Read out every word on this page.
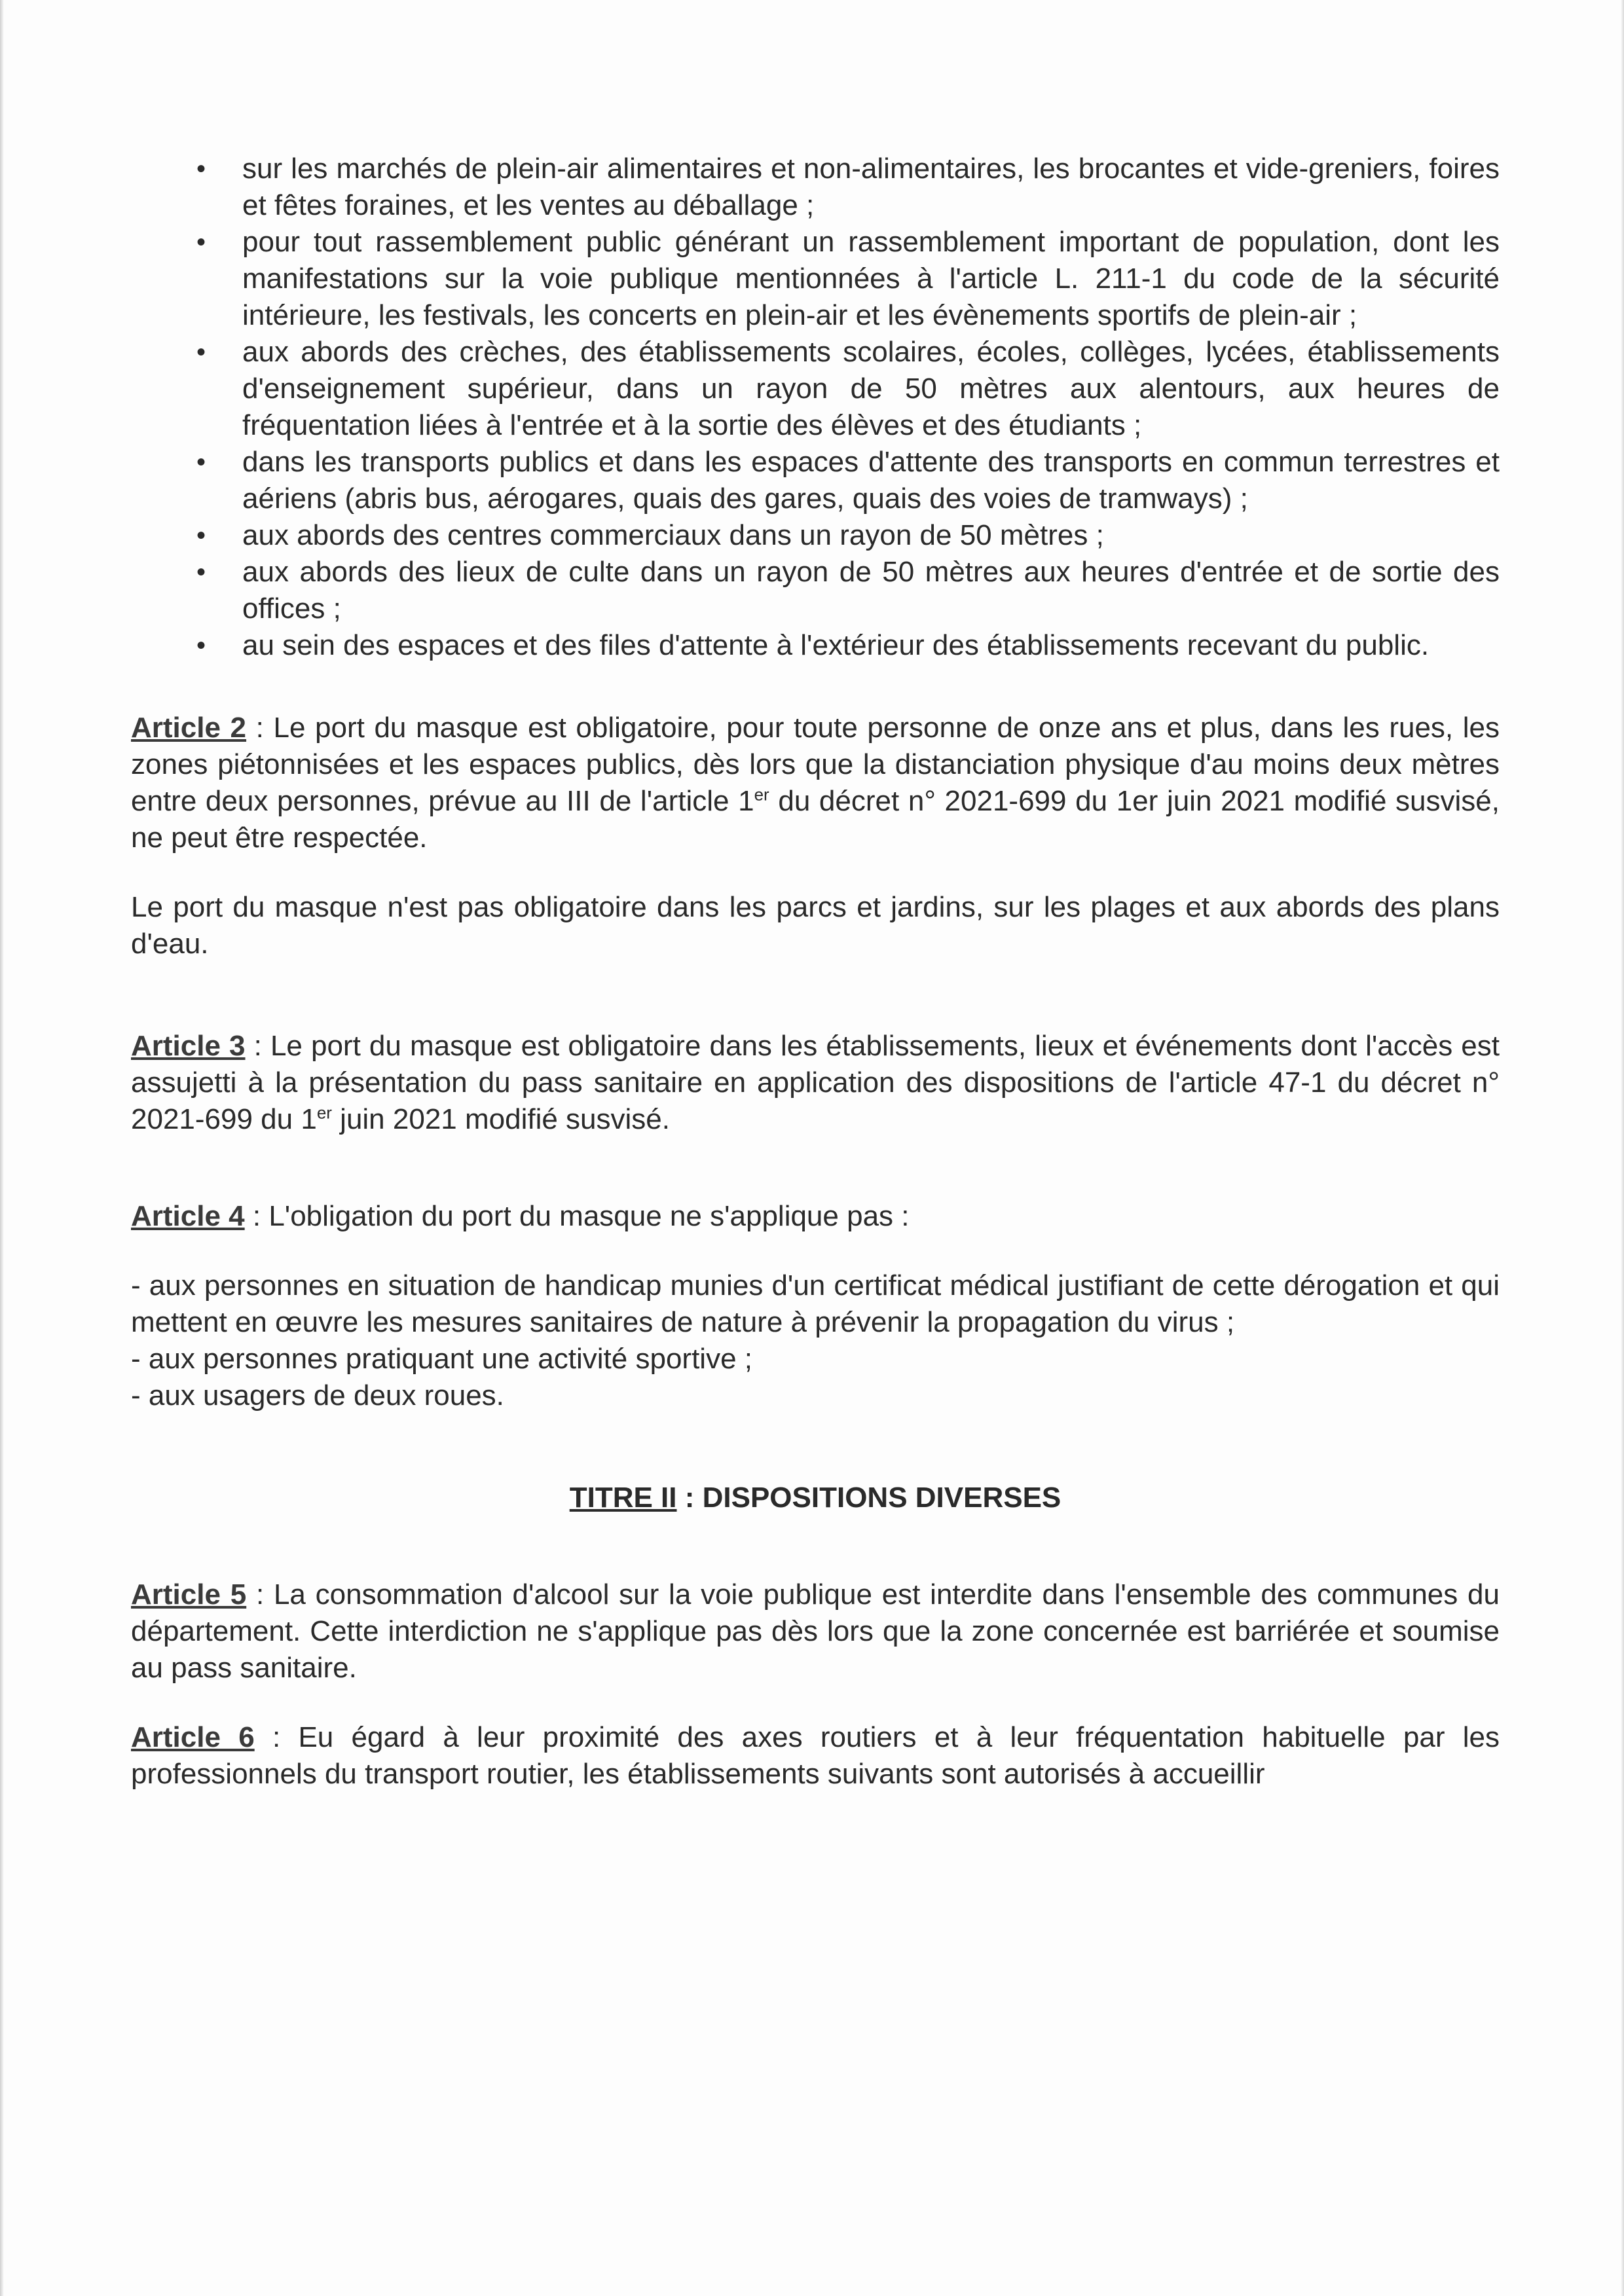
• sur les marchés de plein-air alimentaires et non-alimentaires, les brocantes et vide-greniers, foires et fêtes foraines, et les ventes au déballage ;
• pour tout rassemblement public générant un rassemblement important de population, dont les manifestations sur la voie publique mentionnées à l'article L. 211-1 du code de la sécurité intérieure, les festivals, les concerts en plein-air et les évènements sportifs de plein-air ;
• aux abords des crèches, des établissements scolaires, écoles, collèges, lycées, établissements d'enseignement supérieur, dans un rayon de 50 mètres aux alentours, aux heures de fréquentation liées à l'entrée et à la sortie des élèves et des étudiants ;
• dans les transports publics et dans les espaces d'attente des transports en commun terrestres et aériens (abris bus, aérogares, quais des gares, quais des voies de tramways) ;
• aux abords des centres commerciaux dans un rayon de 50 mètres ;
• aux abords des lieux de culte dans un rayon de 50 mètres aux heures d'entrée et de sortie des offices ;
• au sein des espaces et des files d'attente à l'extérieur des établissements recevant du public.

Article 2 : Le port du masque est obligatoire, pour toute personne de onze ans et plus, dans les rues, les zones piétonnisées et les espaces publics, dès lors que la distanciation physique d'au moins deux mètres entre deux personnes, prévue au III de l'article 1er du décret n° 2021-699 du 1er juin 2021 modifié susvisé, ne peut être respectée.

Le port du masque n'est pas obligatoire dans les parcs et jardins, sur les plages et aux abords des plans d'eau.

Article 3 : Le port du masque est obligatoire dans les établissements, lieux et événements dont l'accès est assujetti à la présentation du pass sanitaire en application des dispositions de l'article 47-1 du décret n° 2021-699 du 1er juin 2021 modifié susvisé.

Article 4 : L'obligation du port du masque ne s'applique pas :

- aux personnes en situation de handicap munies d'un certificat médical justifiant de cette dérogation et qui mettent en œuvre les mesures sanitaires de nature à prévenir la propagation du virus ;

- aux personnes pratiquant une activité sportive ;

- aux usagers de deux roues.

TITRE II : DISPOSITIONS DIVERSES

Article 5 : La consommation d'alcool sur la voie publique est interdite dans l'ensemble des communes du département. Cette interdiction ne s'applique pas dès lors que la zone concernée est barriérée et soumise au pass sanitaire.

Article 6 : Eu égard à leur proximité des axes routiers et à leur fréquentation habituelle par les professionnels du transport routier, les établissements suivants sont autorisés à accueillir
